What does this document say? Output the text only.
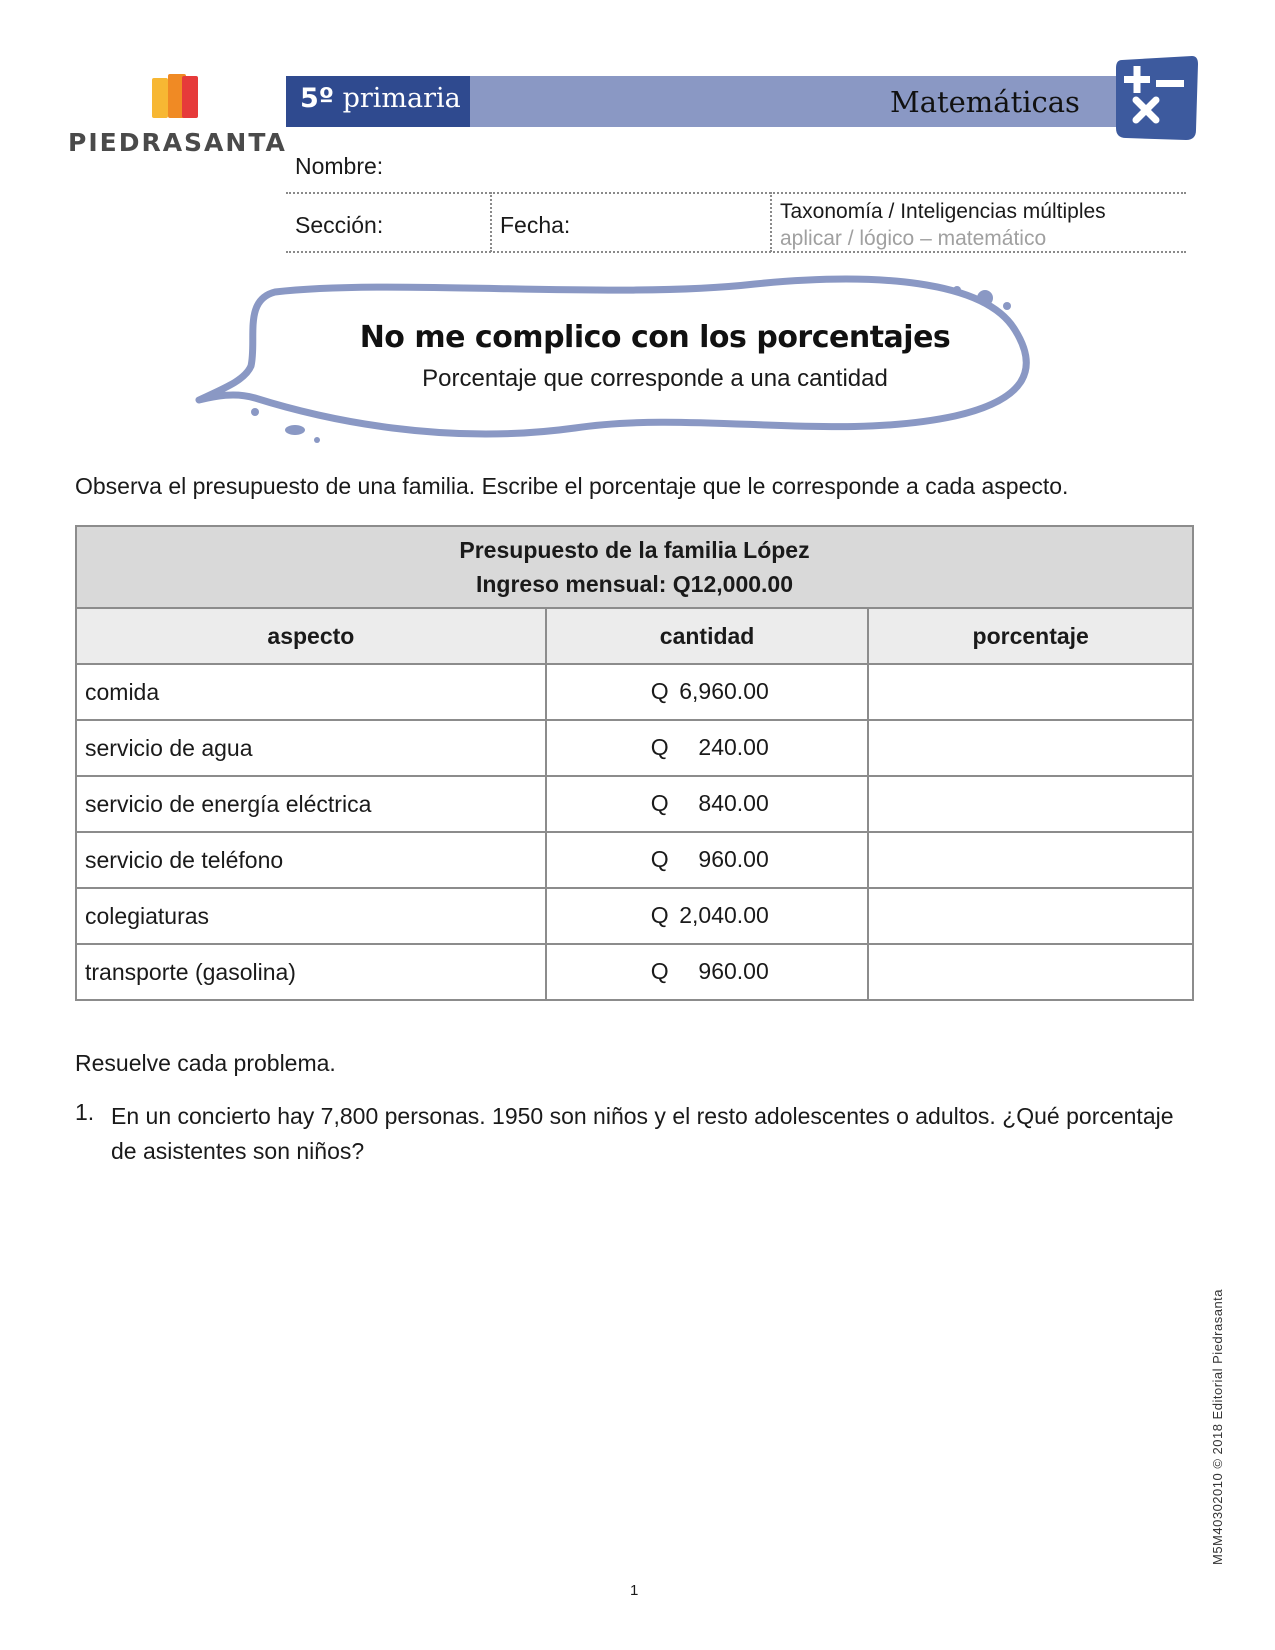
PIEDRASANTA
5º primaria	Matemáticas
Nombre:
Sección:	Fecha:
Taxonomía / Inteligencias múltiples
aplicar / lógico – matemático
No me complico con los porcentajes
Porcentaje que corresponde a una cantidad
Observa el presupuesto de una familia. Escribe el porcentaje que le corresponde a cada aspecto.
Presupuesto de la familia López
Ingreso mensual: Q12,000.00		

aspecto	cantidad	porcentaje
comida	Q 6,960.00	

servicio de agua	Q 240.00	

servicio de energía eléctrica	Q 840.00	

servicio de teléfono	Q 960.00	

colegiaturas	Q 2,040.00	

transporte (gasolina)	Q 960.00	

Resuelve cada problema.
1. En un concierto hay 7,800 personas. 1950 son niños y el resto adolescentes o adultos. ¿Qué porcentaje de asistentes son niños?
M5M40302010 © 2018 Editorial Piedrasanta
1
